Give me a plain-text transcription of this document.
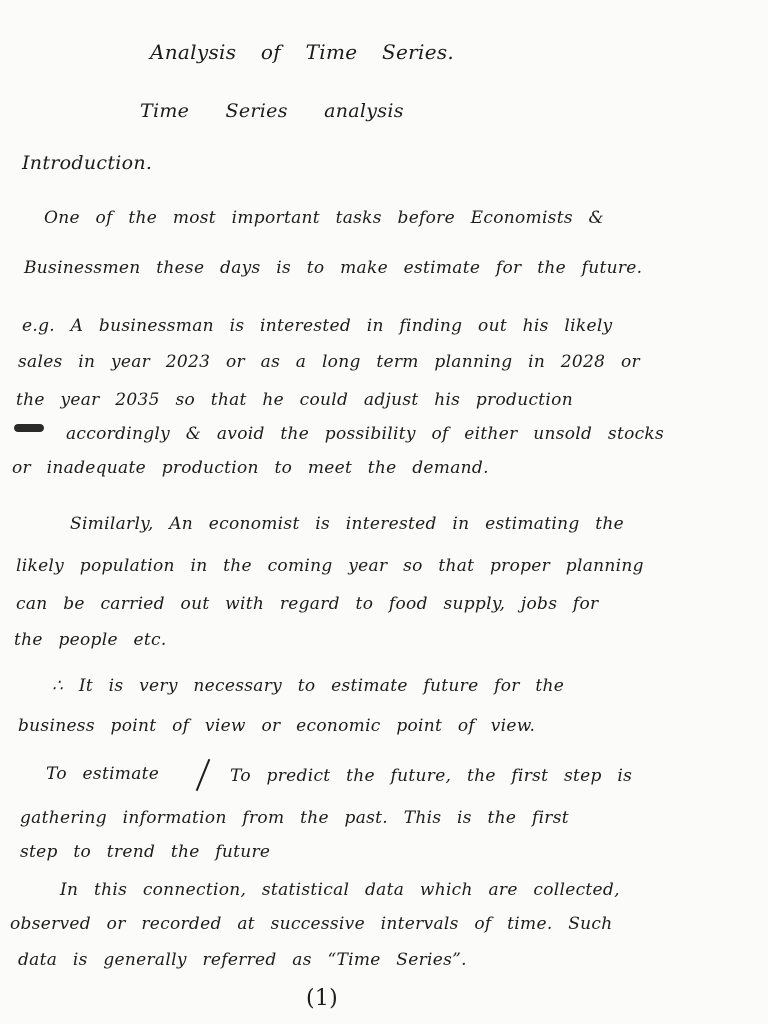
Analysis of Time Series.
Time Series analysis
Introduction.
One of the most important tasks before Economists &
Businessmen these days is to make estimate for the future.
e.g. A businessman is interested in finding out his likely
sales in year 2023 or as a long term planning in 2028 or
the year 2035 so that he could adjust his production
accordingly & avoid the possibility of either unsold stocks
or inadequate production to meet the demand.
Similarly, An economist is interested in estimating the
likely population in the coming year so that proper planning
can be carried out with regard to food supply, jobs for
the people etc.
∴ It is very necessary to estimate future for the
business point of view or economic point of view.
To estimate	To predict the future, the first step is
gathering information from the past. This is the first
step to trend the future
In this connection, statistical data which are collected,
observed or recorded at successive intervals of time. Such
data is generally referred as “Time Series”.
(1)
